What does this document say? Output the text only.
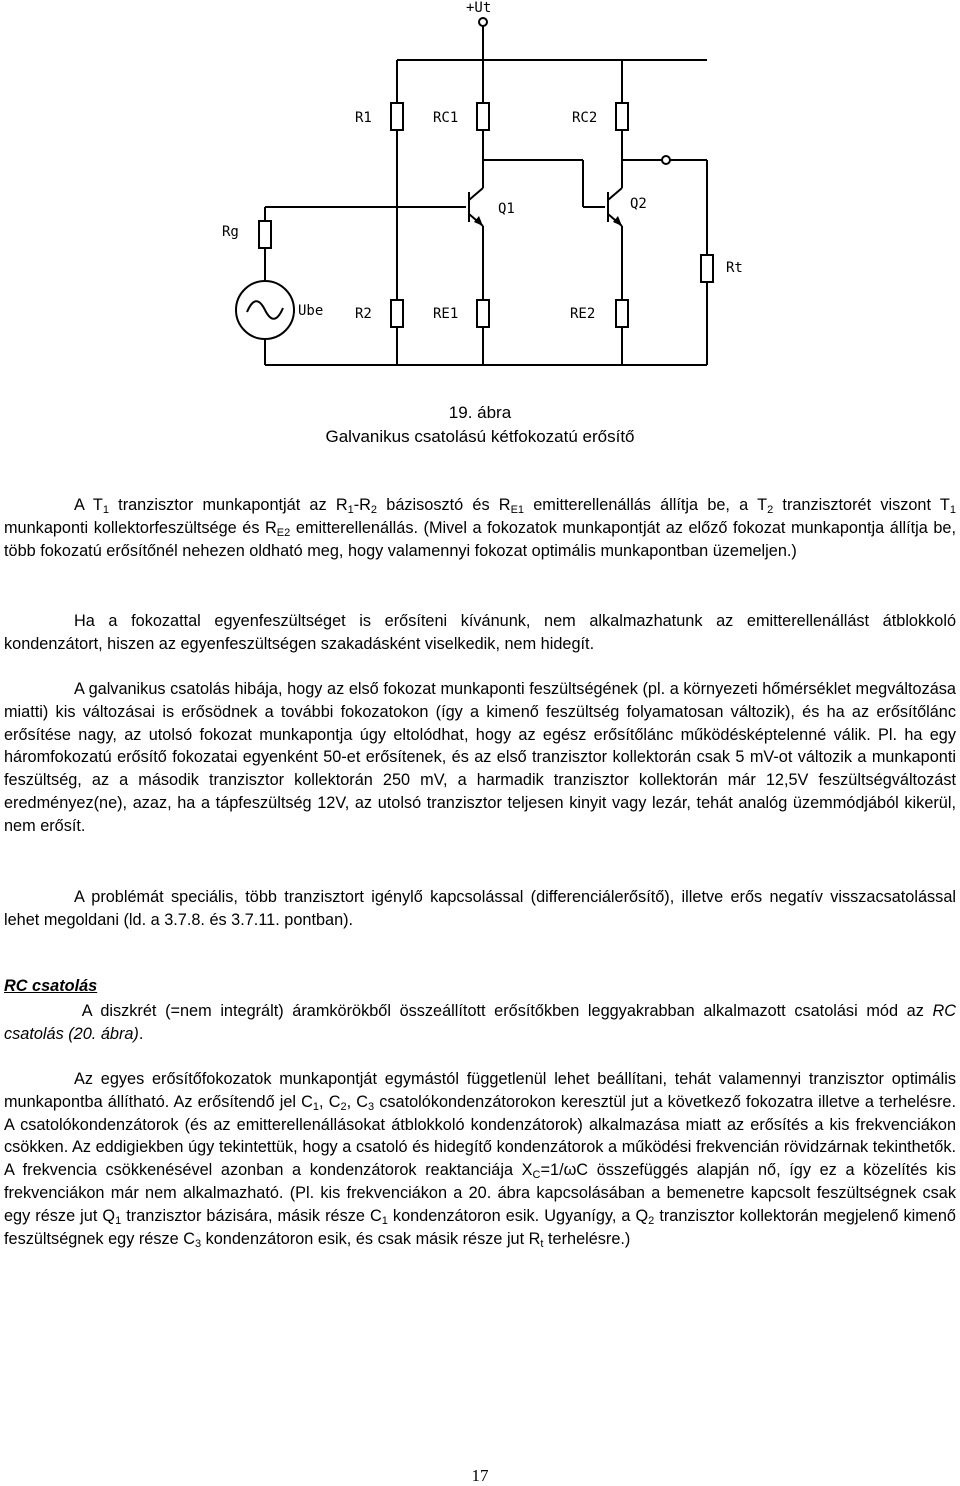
+Ut
R1	RC1	RC2
Q1	Q2
Rg
Rt
Ube R2	RE1	RE2
19. ábra
Galvanikus csatolású kétfokozatú erősítő
A $T_1$ tranzisztor munkapontját az $R_1-R_2$ bázisosztó és $R_{E1}$ emitterellenállás állítja be, a $T_2$ tranzisztorét viszont $T_1$ munkaponti kollektorfeszültsége és $R_{E2}$ emitterellenállás. (Mivel a fokozatok munkapontját az előző fokozat munkapontja állítja be, több fokozatú erősítőnél nehezen oldható meg, hogy valamennyi fokozat optimális munkapontban üzemeljen.)
Ha a fokozattal egyenfeszültséget is erősíteni kívánunk, nem alkalmazhatunk az emitterellenállást átblokkoló kondenzátort, hiszen az egyenfeszültségen szakadásként viselkedik, nem hidegít.
A galvanikus csatolás hibája, hogy az első fokozat munkaponti feszültségének (pl. a környezeti hőmérséklet megváltozása miatti) kis változásai is erősödnek a további fokozatokon (így a kimenő feszültség folyamatosan változik), és ha az erősítőlánc erősítése nagy, az utolsó fokozat munkapontja úgy eltolódhat, hogy az egész erősítőlánc működésképtelenné válik. Pl. ha egy háromfokozatú erősítő fokozatai egyenként 50-et erősítenek, és az első tranzisztor kollektorán csak 5 mV-ot változik a munkaponti feszültség, az a második tranzisztor kollektorán 250 mV, a harmadik tranzisztor kollektorán már 12,5V feszültségváltozást eredményez(ne), azaz, ha a tápfeszültség 12V, az utolsó tranzisztor teljesen kinyit vagy lezár, tehát analóg üzemmódjából kikerül, nem erősít.
A problémát speciális, több tranzisztort igénylő kapcsolással (differenciálerősítő), illetve erős negatív visszacsatolással lehet megoldani (ld. a 3.7.8. és 3.7.11. pontban).
RC csatolás
A diszkrét (=nem integrált) áramkörökből összeállított erősítőkben leggyakrabban alkalmazott csatolási mód az RC csatolás (20. ábra).
Az egyes erősítőfokozatok munkapontját egymástól függetlenül lehet beállítani, tehát valamennyi tranzisztor optimális munkapontba állítható. Az erősítendő jel $C_1$, $C_2$, $C_3$ csatolókondenzátorokon keresztül jut a következő fokozatra illetve a terhelésre. A csatolókondenzátorok (és az emitterellenállásokat átblokkoló kondenzátorok) alkalmazása miatt az erősítés a kis frekvenciákon csökken. Az eddigiekben úgy tekintettük, hogy a csatoló és hidegítő kondenzátorok a működési frekvencián rövidzárnak tekinthetők. A frekvencia csökkenésével azonban a kondenzátorok reaktanciája $X_C=1/\omega C$ összefüggés alapján nő, így ez a közelítés kis frekvenciákon már nem alkalmazható. (Pl. kis frekvenciákon a 20. ábra kapcsolásában a bemenetre kapcsolt feszültségnek csak egy része jut $Q_1$ tranzisztor bázisára, másik része $C_1$ kondenzátoron esik. Ugyanígy, a $Q_2$ tranzisztor kollektorán megjelenő kimenő feszültségnek egy része $C_3$ kondenzátoron esik, és csak másik része jut $R_t$ terhelésre.)
17
